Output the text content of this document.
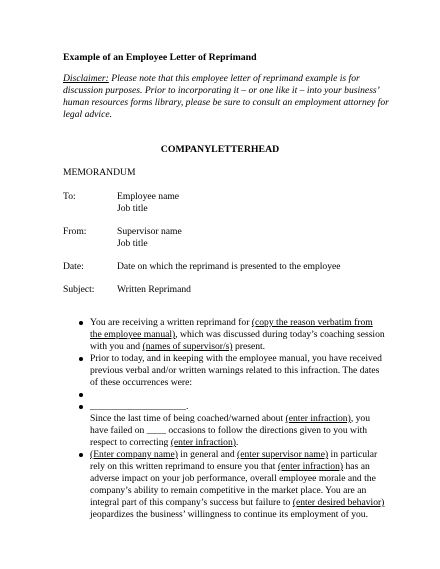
Example of an Employee Letter of Reprimand
Disclaimer: Please note that this employee letter of reprimand example is for discussion purposes. Prior to incorporating it – or one like it – into your business’ human resources forms library, please be sure to consult an employment attorney for legal advice.
COMPANYLETTERHEAD
MEMORANDUM
To:	Employee name
Job title
From:	Supervisor name
Job title
Date:	Date on which the reprimand is presented to the employee
Subject: Written Reprimand
You are receiving a written reprimand for (copy the reason verbatim from the employee manual), which was discussed during today’s coaching session with you and (names of supervisor/s) present.
Prior to today, and in keeping with the employee manual, you have received previous verbal and/or written warnings related to this infraction. The dates of these occurrences were:
____________________.
Since the last time of being coached/warned about (enter infraction), you have failed on ____ occasions to follow the directions given to you with respect to correcting (enter infraction).
(Enter company name) in general and (enter supervisor name) in particular rely on this written reprimand to ensure you that (enter infraction) has an adverse impact on your job performance, overall employee morale and the company’s ability to remain competitive in the market place. You are an integral part of this company’s success but failure to (enter desired behavior) jeopardizes the business’ willingness to continue its employment of you.
